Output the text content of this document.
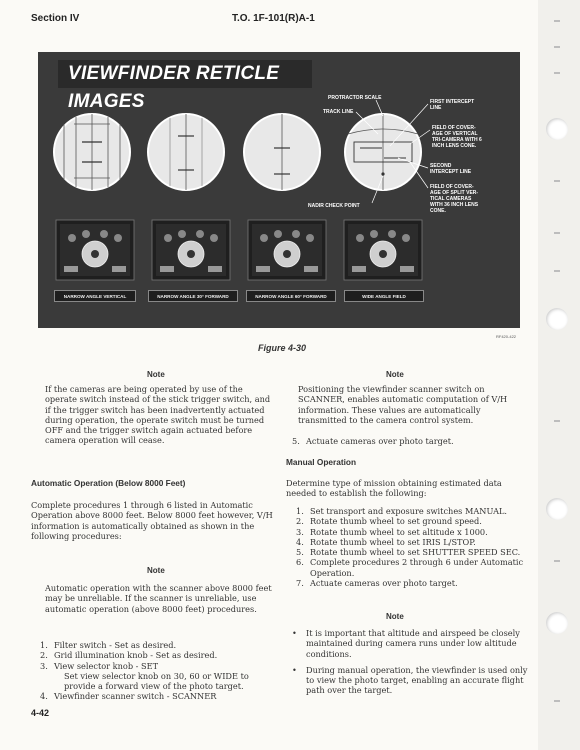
Section IV	T.O. 1F-101(R)A-1
VIEWFINDER RETICLE IMAGES	PROTRACTOR SCALE
TRACK LINE
FIRST INTERCEPT LINE
FIELD OF COVER- AGE OF VERTICAL TRI-CAMERA WITH 6 INCH LENS CONE.
SECOND INTERCEPT LINE
FIELD OF COVER- AGE OF SPLIT VER- TICAL CAMERAS WITH 36 INCH LENS CONE.
NADIR CHECK POINT
NARROW ANGLE VERTICAL	NARROW ANGLE 30° FORWARD	NARROW ANGLE 60° FORWARD	WIDE ANGLE FIELD
RF420-422
Figure 4-30
Note
If the cameras are being operated by use of the operate switch instead of the stick trigger switch, and if the trigger switch has been inadvertently actuated during operation, the operate switch must be turned OFF and the trigger switch again actuated before camera operation will cease.
Automatic Operation (Below 8000 Feet)
Complete procedures 1 through 6 listed in Automatic Operation above 8000 feet. Below 8000 feet however, V/H information is automatically obtained as shown in the following procedures:
Note
Automatic operation with the scanner above 8000 feet may be unreliable. If the scanner is unreliable, use automatic operation (above 8000 feet) procedures.
1. Filter switch - Set as desired.
2. Grid illumination knob - Set as desired.
3. View selector knob - SET
Set view selector knob on 30, 60 or WIDE to provide a forward view of the photo target.
4. Viewfinder scanner switch - SCANNER
Note
Positioning the viewfinder scanner switch on SCANNER, enables automatic computation of V/H information. These values are automatically transmitted to the camera control system.
5. Actuate cameras over photo target.
Manual Operation
Determine type of mission obtaining estimated data needed to establish the following:
1. Set transport and exposure switches MANUAL.
2. Rotate thumb wheel to set ground speed.
3. Rotate thumb wheel to set altitude x 1000.
4. Rotate thumb wheel to set IRIS L/STOP.
5. Rotate thumb wheel to set SHUTTER SPEED SEC.
6. Complete procedures 2 through 6 under Automatic Operation.
7. Actuate cameras over photo target.
Note
• It is important that altitude and airspeed be closely maintained during camera runs under low altitude conditions.
• During manual operation, the viewfinder is used only to view the photo target, enabling an accurate flight path over the target.
4-42
